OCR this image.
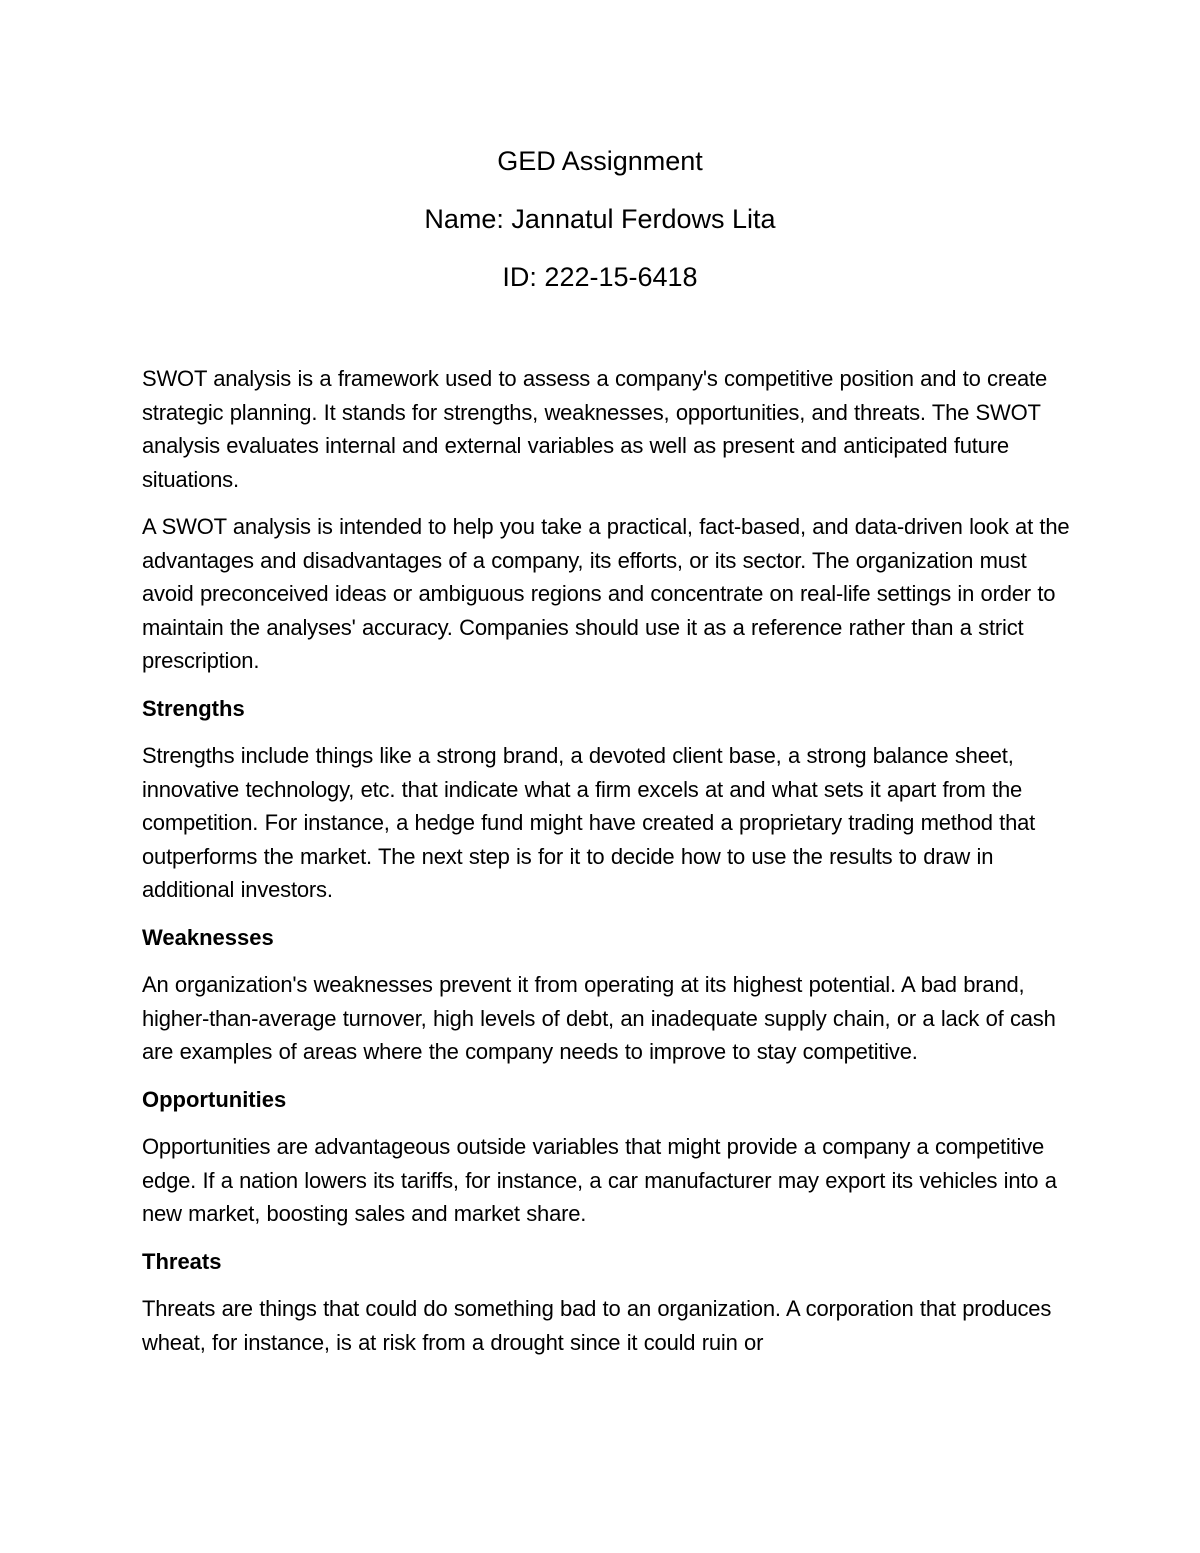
GED Assignment
Name: Jannatul Ferdows Lita
ID: 222-15-6418

SWOT analysis is a framework used to assess a company's competitive position and to create strategic planning. It stands for strengths, weaknesses, opportunities, and threats. The SWOT analysis evaluates internal and external variables as well as present and anticipated future situations.

A SWOT analysis is intended to help you take a practical, fact-based, and data-driven look at the advantages and disadvantages of a company, its efforts, or its sector. The organization must avoid preconceived ideas or ambiguous regions and concentrate on real-life settings in order to maintain the analyses' accuracy. Companies should use it as a reference rather than a strict prescription.

Strengths

Strengths include things like a strong brand, a devoted client base, a strong balance sheet, innovative technology, etc. that indicate what a firm excels at and what sets it apart from the competition. For instance, a hedge fund might have created a proprietary trading method that outperforms the market. The next step is for it to decide how to use the results to draw in additional investors.

Weaknesses

An organization's weaknesses prevent it from operating at its highest potential. A bad brand, higher-than-average turnover, high levels of debt, an inadequate supply chain, or a lack of cash are examples of areas where the company needs to improve to stay competitive.

Opportunities

Opportunities are advantageous outside variables that might provide a company a competitive edge. If a nation lowers its tariffs, for instance, a car manufacturer may export its vehicles into a new market, boosting sales and market share.

Threats

Threats are things that could do something bad to an organization. A corporation that produces wheat, for instance, is at risk from a drought since it could ruin or
